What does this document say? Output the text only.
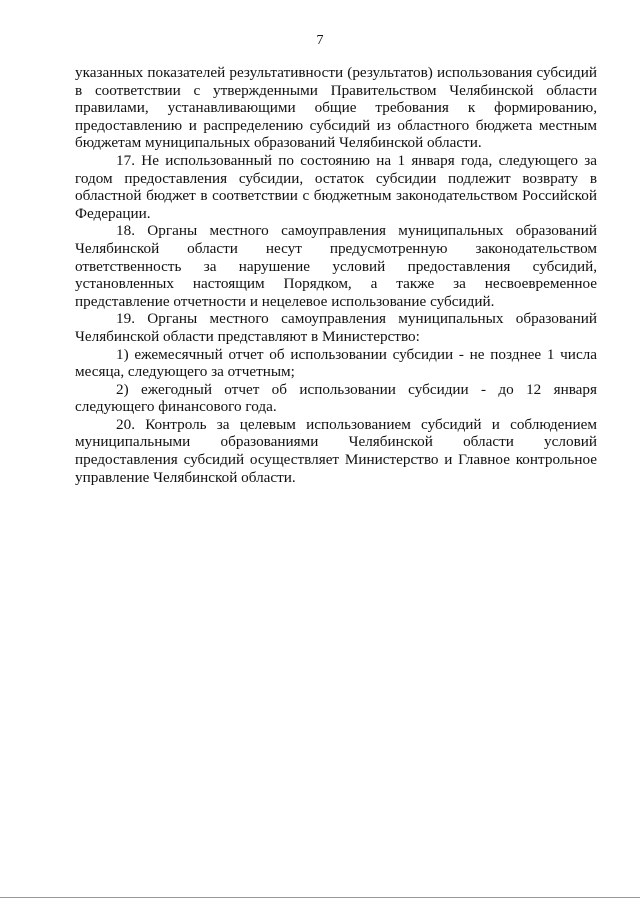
7

указанных показателей результативности (результатов) использования субсидий в соответствии с утвержденными Правительством Челябинской области правилами, устанавливающими общие требования к формированию, предоставлению и распределению субсидий из областного бюджета местным бюджетам муниципальных образований Челябинской области.

17. Не использованный по состоянию на 1 января года, следующего за годом предоставления субсидии, остаток субсидии подлежит возврату в областной бюджет в соответствии с бюджетным законодательством Российской Федерации.

18. Органы местного самоуправления муниципальных образований Челябинской области несут предусмотренную законодательством ответственность за нарушение условий предоставления субсидий, установленных настоящим Порядком, а также за несвоевременное представление отчетности и нецелевое использование субсидий.

19. Органы местного самоуправления муниципальных образований Челябинской области представляют в Министерство:

1) ежемесячный отчет об использовании субсидии - не позднее 1 числа месяца, следующего за отчетным;

2) ежегодный отчет об использовании субсидии - до 12 января следующего финансового года.

20. Контроль за целевым использованием субсидий и соблюдением муниципальными образованиями Челябинской области условий предоставления субсидий осуществляет Министерство и Главное контрольное управление Челябинской области.
